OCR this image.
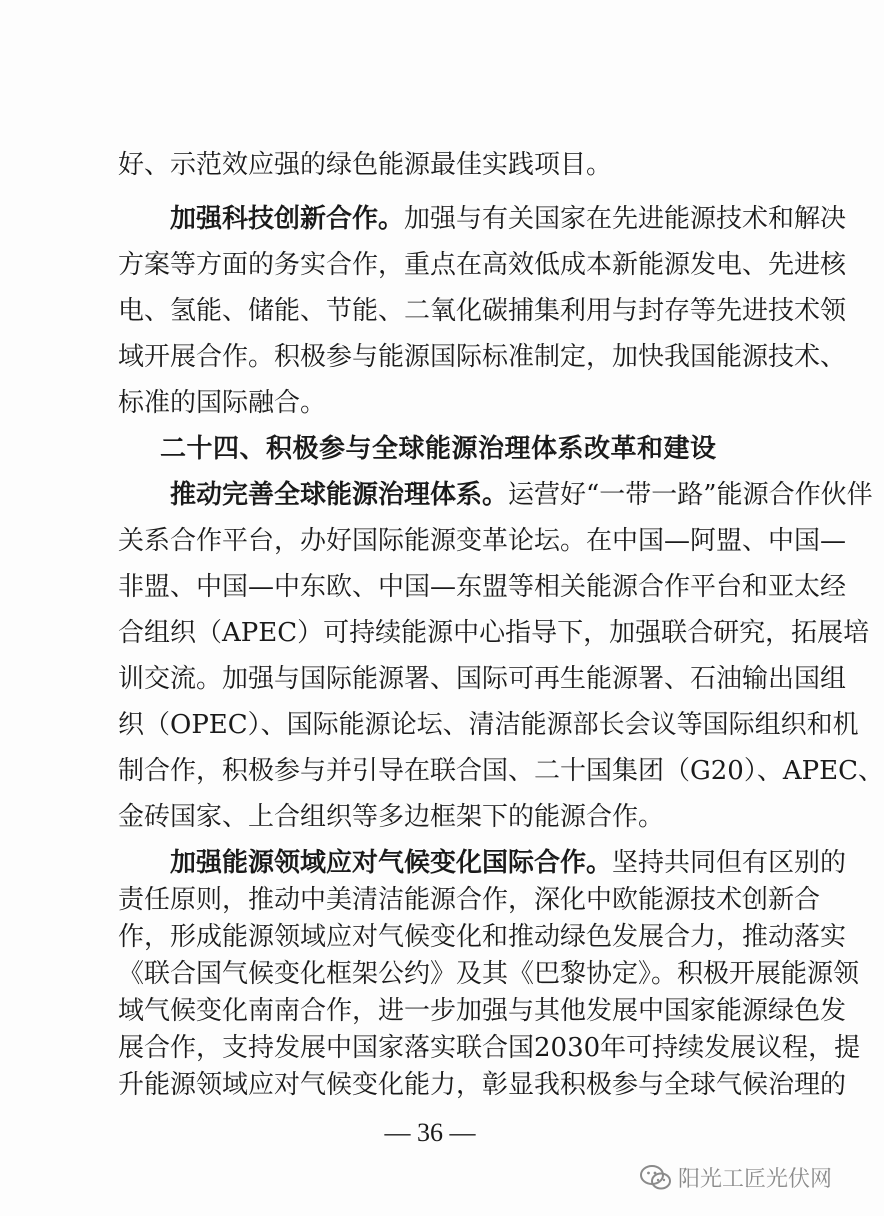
好、示范效应强的绿色能源最佳实践项目。
加强科技创新合作。加强与有关国家在先进能源技术和解决
方案等方面的务实合作，重点在高效低成本新能源发电、先进核
电、氢能、储能、节能、二氧化碳捕集利用与封存等先进技术领
域开展合作。积极参与能源国际标准制定，加快我国能源技术、
标准的国际融合。
二十四、积极参与全球能源治理体系改革和建设
推动完善全球能源治理体系。运营好“一带一路”能源合作伙伴
关系合作平台，办好国际能源变革论坛。在中国—阿盟、中国—
非盟、中国—中东欧、中国—东盟等相关能源合作平台和亚太经
合组织（APEC）可持续能源中心指导下，加强联合研究，拓展培
训交流。加强与国际能源署、国际可再生能源署、石油输出国组
织（OPEC）、国际能源论坛、清洁能源部长会议等国际组织和机
制合作，积极参与并引导在联合国、二十国集团（G20）、APEC、
金砖国家、上合组织等多边框架下的能源合作。
加强能源领域应对气候变化国际合作。坚持共同但有区别的
责任原则，推动中美清洁能源合作，深化中欧能源技术创新合
作，形成能源领域应对气候变化和推动绿色发展合力，推动落实
《联合国气候变化框架公约》及其《巴黎协定》。积极开展能源领
域气候变化南南合作，进一步加强与其他发展中国家能源绿色发
展合作，支持发展中国家落实联合国2030年可持续发展议程，提
— 36 —
阳光工匠光伏网
升能源领域应对气候变化能力，彰显我积极参与全球气候治理的
